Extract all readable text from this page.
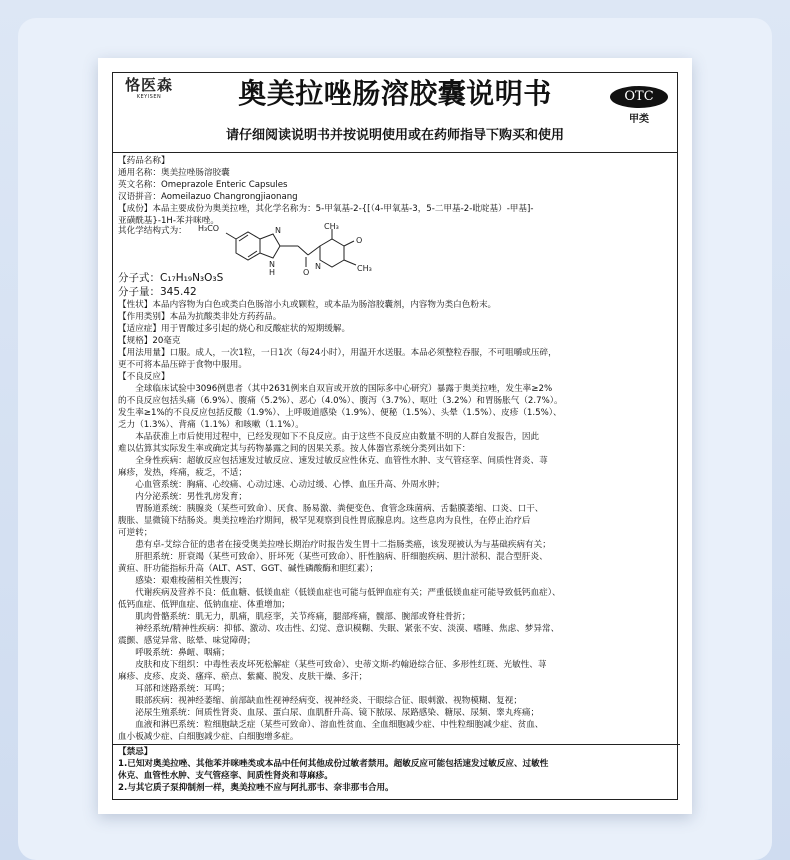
恪医森
KEYISEN	奥美拉唑肠溶胶囊说明书	OTC
甲类
请仔细阅读说明书并按说明使用或在药师指导下购买和使用

【药品名称】

通用名称：奥美拉唑肠溶胶囊

英文名称：Omeprazole Enteric Capsules

汉语拼音：Aomeilazuo Changrongjiaonang

【成份】本品主要成份为奥美拉唑，其化学名称为：5-甲氧基-2-{[（4-甲氧基-3，5-二甲基-2-吡啶基）-甲基]-

亚磺酰基}-1H-苯并咪唑。

其化学结构式为： H₃CO	N
N
H	O
CH₃
O
CH₃
N

分子式：C₁₇H₁₉N₃O₃S

分子量：345.42

【性状】本品内容物为白色或类白色肠溶小丸或颗粒，或本品为肠溶胶囊剂，内容物为类白色粉末。

【作用类别】本品为抗酸类非处方药药品。

【适应症】用于胃酸过多引起的烧心和反酸症状的短期缓解。

【规格】20毫克

【用法用量】口服。成人，一次1粒，一日1次（每24小时），用温开水送服。本品必须整粒吞服，不可咀嚼或压碎，

更不可将本品压碎于食物中服用。

【不良反应】

全球临床试验中3096例患者（其中2631例来自双盲或开放的国际多中心研究）暴露于奥美拉唑，发生率≥2%

的不良反应包括头痛（6.9%）、腹痛（5.2%）、恶心（4.0%）、腹泻（3.7%）、呕吐（3.2%）和胃肠胀气（2.7%）。

发生率≥1%的不良反应包括反酸（1.9%）、上呼吸道感染（1.9%）、便秘（1.5%）、头晕（1.5%）、皮疹（1.5%）、

乏力（1.3%）、背痛（1.1%）和咳嗽（1.1%）。

本品获准上市后使用过程中，已经发现如下不良反应。由于这些不良反应由数量不明的人群自发报告，因此

难以估算其实际发生率或确定其与药物暴露之间的因果关系。按人体器官系统分类列出如下：

全身性疾病：超敏反应包括速发过敏反应、速发过敏反应性休克、血管性水肿、支气管痉挛、间质性肾炎、荨

麻疹，发热，疼痛，疲乏，不适；

心血管系统：胸痛、心绞痛、心动过速、心动过缓、心悸、血压升高、外周水肿；

内分泌系统：男性乳房发育；

胃肠道系统：胰腺炎（某些可致命）、厌食、肠易激、粪便变色、食管念珠菌病、舌黏膜萎缩、口炎、口干、

腹胀、显微镜下结肠炎。奥美拉唑治疗期间，极罕见观察到良性胃底腺息肉。这些息肉为良性，在停止治疗后

可逆转；

患有卓-艾综合征的患者在接受奥美拉唑长期治疗时报告发生胃十二指肠类癌，该发现被认为与基础疾病有关；

肝胆系统：肝衰竭（某些可致命）、肝坏死（某些可致命）、肝性脑病、肝细胞疾病、胆汁淤积、混合型肝炎、

黄疸、肝功能指标升高（ALT、AST、GGT、碱性磷酸酶和胆红素）；

感染：艰难梭菌相关性腹泻；

代谢疾病及营养不良：低血糖、低镁血症（低镁血症也可能与低钾血症有关；严重低镁血症可能导致低钙血症）、

低钙血症、低钾血症、低钠血症、体重增加；

肌肉骨骼系统：肌无力，肌痛，肌痉挛，关节疼痛，腿部疼痛，髋部、腕部或脊柱骨折；

神经系统/精神性疾病：抑郁、激动、攻击性、幻觉、意识模糊、失眠、紧张不安、淡漠、嗜睡、焦虑、梦异常、

震颤、感觉异常、眩晕、味觉障碍；

呼吸系统：鼻衄、咽痛；

皮肤和皮下组织：中毒性表皮坏死松解症（某些可致命）、史蒂文斯-约翰逊综合征、多形性红斑、光敏性、荨

麻疹、皮疹、皮炎、瘙痒、瘀点、紫癜、脱发、皮肤干燥、多汗；

耳部和迷路系统：耳鸣；

眼部疾病：视神经萎缩、前部缺血性视神经病变、视神经炎、干眼综合征、眼刺激、视物模糊、复视；

泌尿生殖系统：间质性肾炎、血尿、蛋白尿、血肌酐升高、镜下脓尿、尿路感染、糖尿、尿频、睾丸疼痛；

血液和淋巴系统：粒细胞缺乏症（某些可致命）、溶血性贫血、全血细胞减少症、中性粒细胞减少症、贫血、

血小板减少症、白细胞减少症、白细胞增多症。

【禁忌】

1.已知对奥美拉唑、其他苯并咪唑类或本品中任何其他成份过敏者禁用。超敏反应可能包括速发过敏反应、过敏性

休克、血管性水肿、支气管痉挛、间质性肾炎和荨麻疹。

2.与其它质子泵抑制剂一样，奥美拉唑不应与阿扎那韦、奈非那韦合用。
